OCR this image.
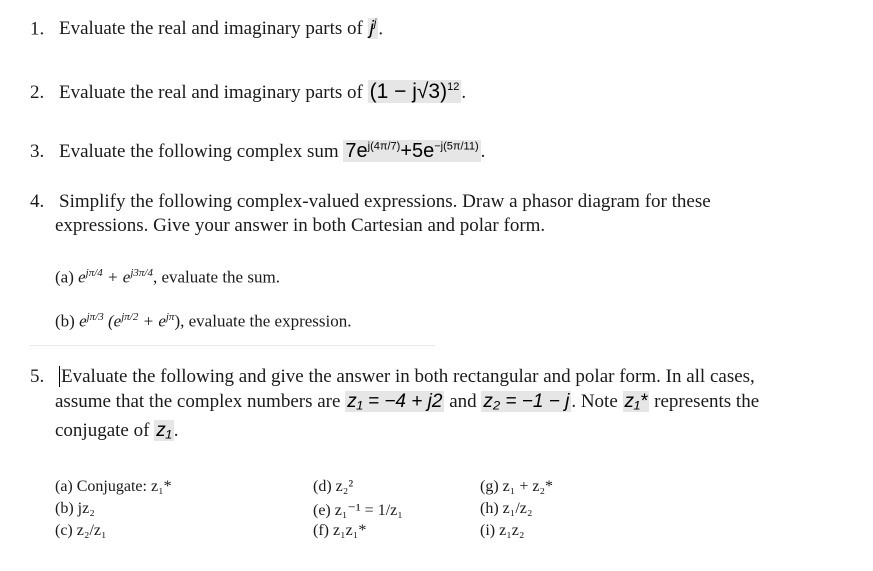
1. Evaluate the real and imaginary parts of $j^j$ .
2. Evaluate the real and imaginary parts of $(1 - j√3)^{12}$ .
3. Evaluate the following complex sum $7e^{j(4\pi/7)}+5e^{-j(5\pi/11)}$ .
4. Simplify the following complex-valued expressions. Draw a phasor diagram for these
expressions. Give your answer in both Cartesian and polar form.
(a) $e^{j\pi/4} + e^{j3\pi/4}$, evaluate the sum.
(b) $e^{j\pi/3}$ $(e^{j\pi/2} + e^{j\pi})$, evaluate the expression.
5. Evaluate the following and give the answer in both rectangular and polar form. In all cases,
assume that the complex numbers are z₁ = −4 + j2 and z₂ = −1 − j . Note z₁* represents the
conjugate of z₁ .
(a) Conjugate: z₁*
(b) jz₂
(c) z₂/z₁
(d) z₂²
(e) z₁⁻¹ = 1/z₁
(f) z₁z₁*
(g) z₁ + z₂*
(h) z₁/z₂
(i) z₁z₂
